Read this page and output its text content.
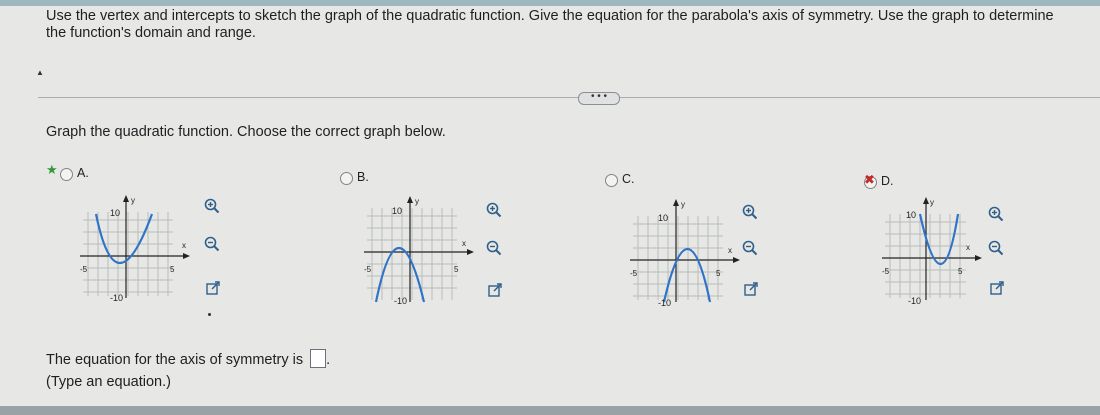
Use the vertex and intercepts to sketch the graph of the quadratic function. Give the equation for the parabola's axis of symmetry. Use the graph to determine
the function's domain and range.
▲
• • •
Graph the quadratic function. Choose the correct graph below.
★ A.	B.	C.	✖ D.
y
x
10
-10
-5	5
y
x
10
-10
-5	5
y
x
10
-10
-5	5
y
x
10
-10
-5	5
The equation for the axis of symmetry is .
(Type an equation.)
